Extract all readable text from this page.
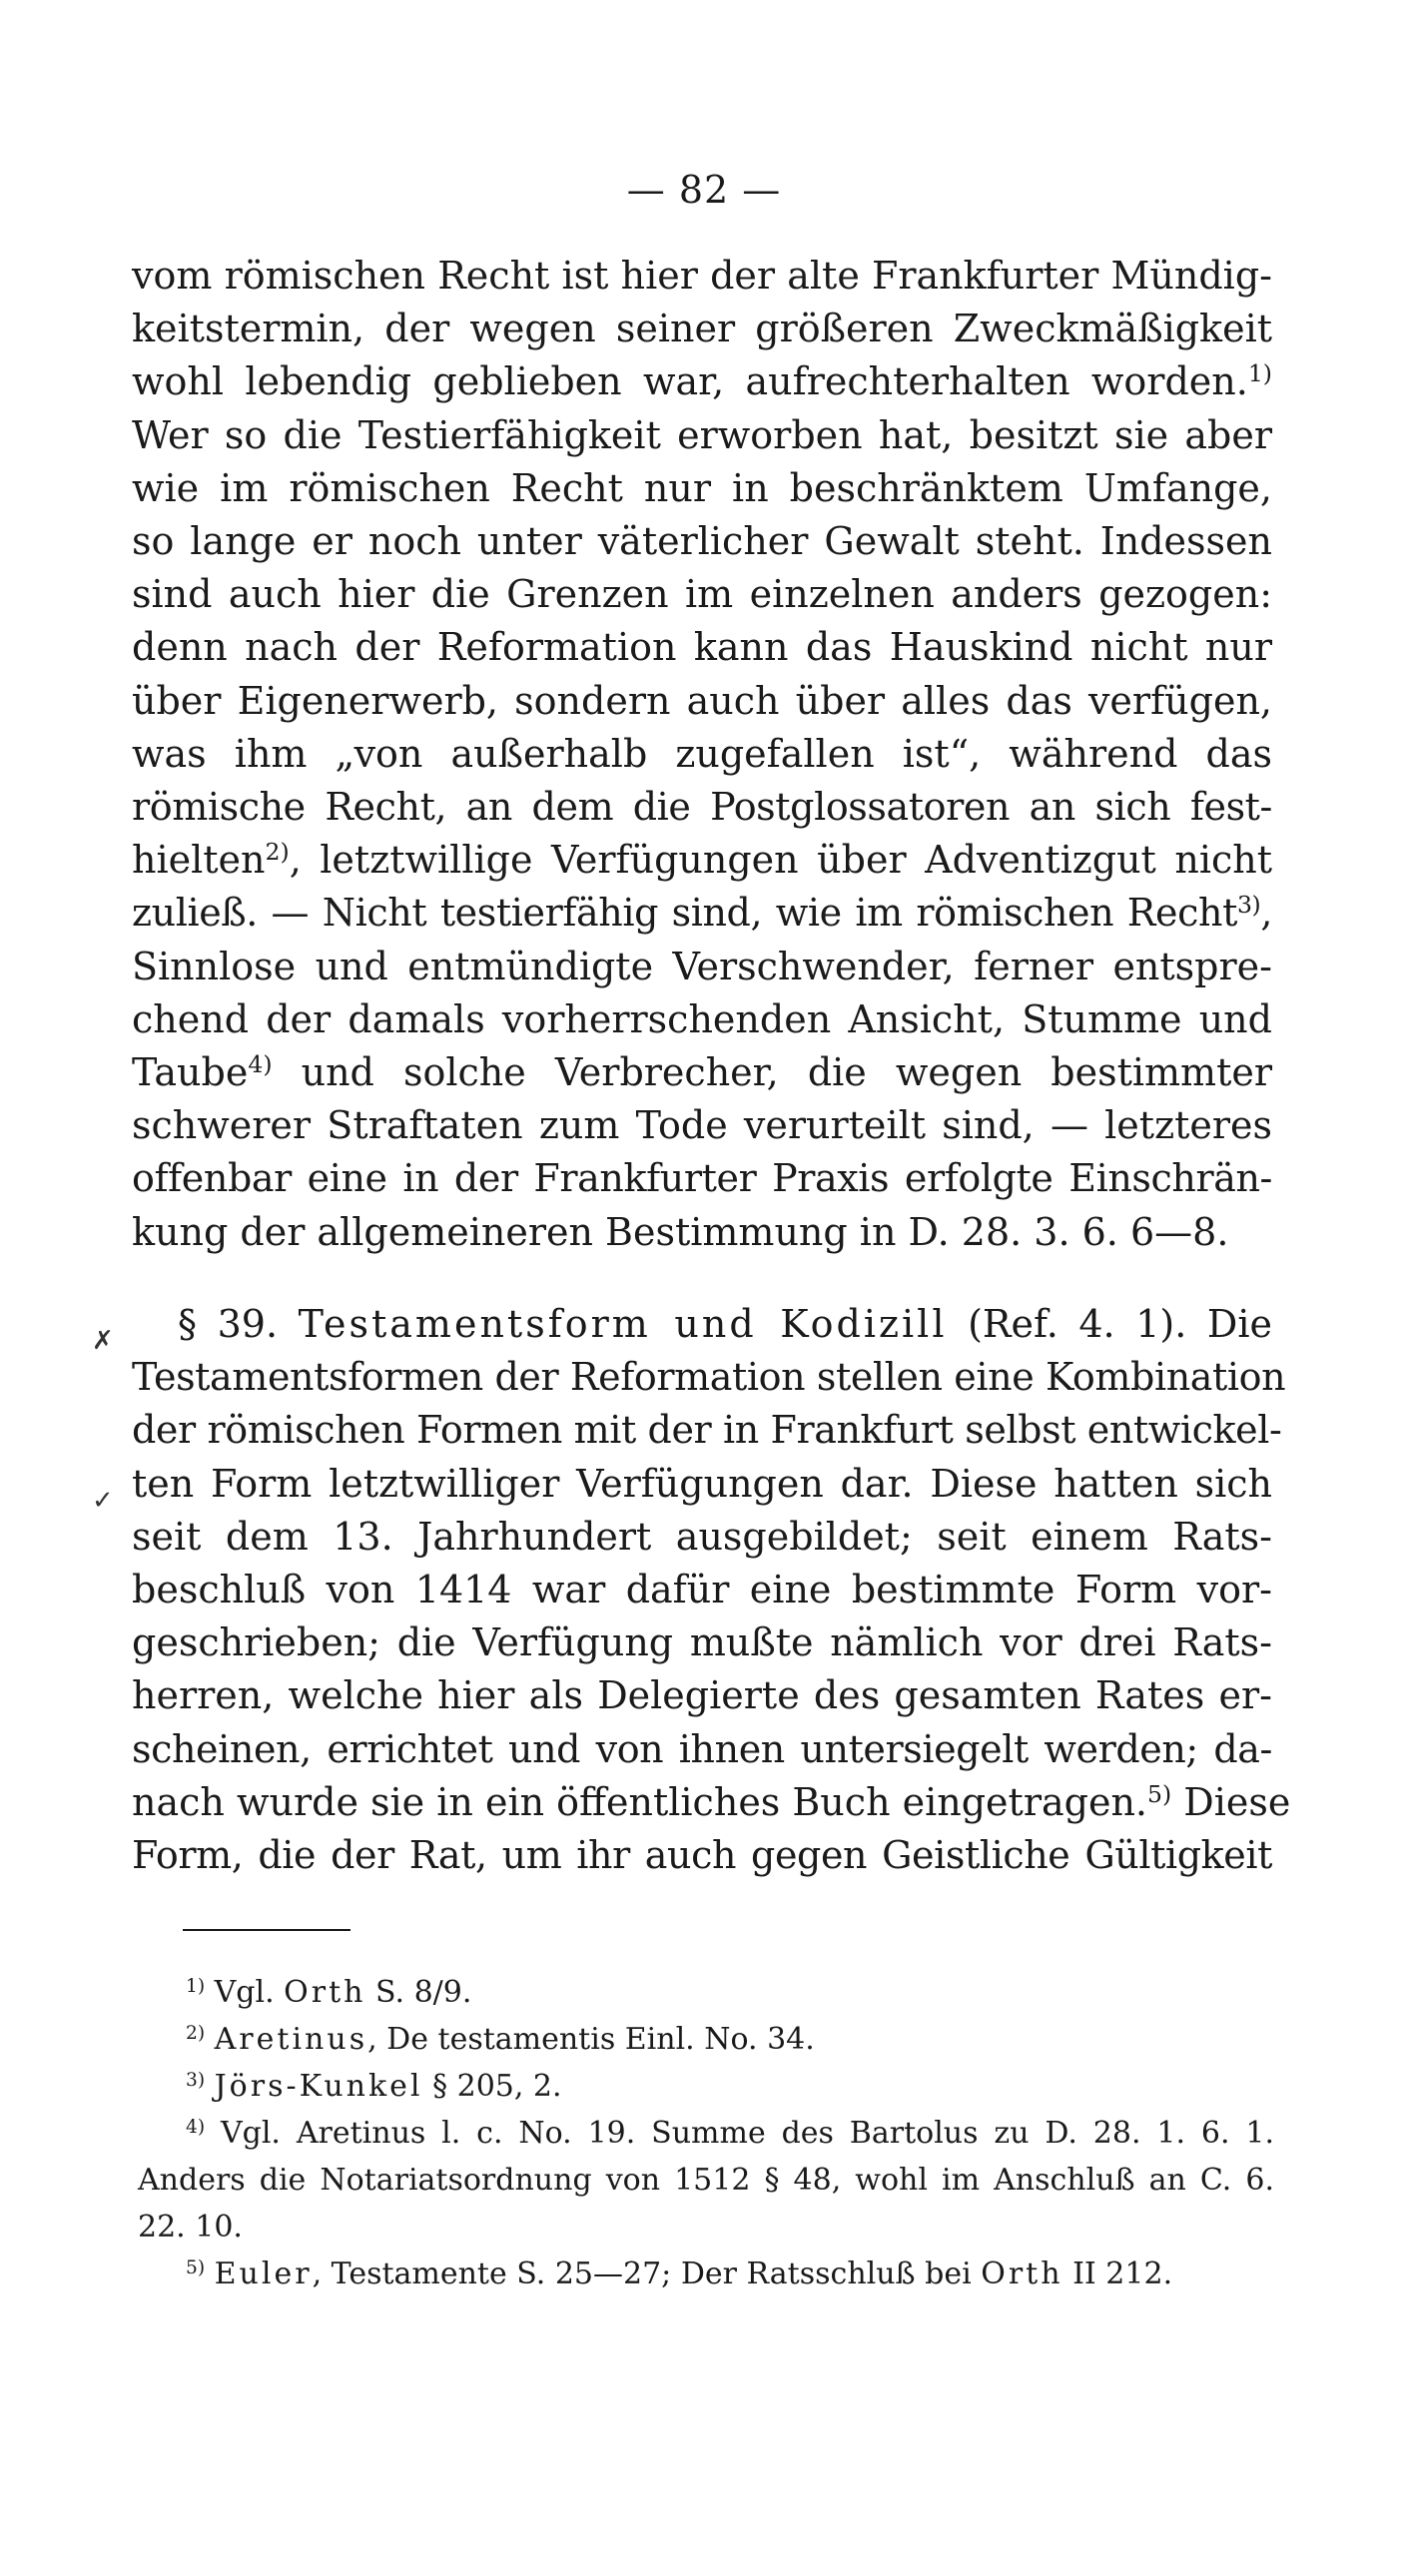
— 82 —
vom römischen Recht ist hier der alte Frankfurter Mündig-
keitstermin, der wegen seiner größeren Zweckmäßigkeit
wohl lebendig geblieben war, aufrechterhalten worden.$^{1)}$
Wer so die Testierfähigkeit erworben hat, besitzt sie aber
wie im römischen Recht nur in beschränktem Umfange,
so lange er noch unter väterlicher Gewalt steht. Indessen
sind auch hier die Grenzen im einzelnen anders gezogen:
denn nach der Reformation kann das Hauskind nicht nur
über Eigenerwerb, sondern auch über alles das verfügen,
was ihm „von außerhalb zugefallen ist“, während das
römische Recht, an dem die Postglossatoren an sich fest-
hielten$^{2)}$, letztwillige Verfügungen über Adventizgut nicht
zuließ. — Nicht testierfähig sind, wie im römischen Recht$^{3)}$,
Sinnlose und entmündigte Verschwender, ferner entspre-
chend der damals vorherrschenden Ansicht, Stumme und
Taube$^{4)}$ und solche Verbrecher, die wegen bestimmter
schwerer Straftaten zum Tode verurteilt sind, — letzteres
offenbar eine in der Frankfurter Praxis erfolgte Einschrän-
kung der allgemeineren Bestimmung in D. 28. 3. 6. 6—8.
✗
✓
§ 39. Testamentsform und Kodizill (Ref. 4. 1). Die
Testamentsformen der Reformation stellen eine Kombination
der römischen Formen mit der in Frankfurt selbst entwickel-
ten Form letztwilliger Verfügungen dar. Diese hatten sich
seit dem 13. Jahrhundert ausgebildet; seit einem Rats-
beschluß von 1414 war dafür eine bestimmte Form vor-
geschrieben; die Verfügung mußte nämlich vor drei Rats-
herren, welche hier als Delegierte des gesamten Rates er-
scheinen, errichtet und von ihnen untersiegelt werden; da-
nach wurde sie in ein öffentliches Buch eingetragen.$^{5)}$ Diese
Form, die der Rat, um ihr auch gegen Geistliche Gültigkeit
$^{1)}$ Vgl. Orth S. 8/9.
$^{2)}$ Aretinus, De testamentis Einl. No. 34.
$^{3)}$ Jörs-Kunkel § 205, 2.
$^{4)}$ Vgl. Aretinus l. c. No. 19. Summe des Bartolus zu D. 28. 1. 6. 1.
Anders die Notariatsordnung von 1512 § 48, wohl im Anschluß an C. 6.
22. 10.
$^{5)}$ Euler, Testamente S. 25—27; Der Ratsschluß bei Orth II 212.
